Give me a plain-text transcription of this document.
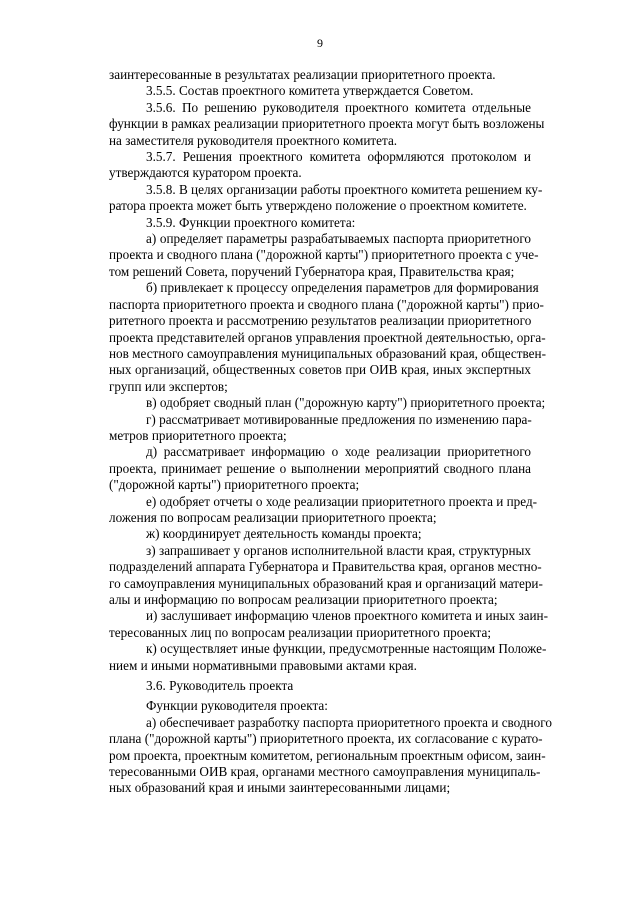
9
заинтересованные в результатах реализации приоритетного проекта.
3.5.5. Состав проектного комитета утверждается Советом.
3.5.6. По решению руководителя проектного комитета отдельные
функции в рамках реализации приоритетного проекта могут быть возложены
на заместителя руководителя проектного комитета.
3.5.7. Решения проектного комитета оформляются протоколом и
утверждаются куратором проекта.
3.5.8. В целях организации работы проектного комитета решением ку-
ратора проекта может быть утверждено положение о проектном комитете.
3.5.9. Функции проектного комитета:
а) определяет параметры разрабатываемых паспорта приоритетного
проекта и сводного плана ("дорожной карты") приоритетного проекта с уче-
том решений Совета, поручений Губернатора края, Правительства края;
б) привлекает к процессу определения параметров для формирования
паспорта приоритетного проекта и сводного плана ("дорожной карты") прио-
ритетного проекта и рассмотрению результатов реализации приоритетного
проекта представителей органов управления проектной деятельностью, орга-
нов местного самоуправления муниципальных образований края, обществен-
ных организаций, общественных советов при ОИВ края, иных экспертных
групп или экспертов;
в) одобряет сводный план ("дорожную карту") приоритетного проекта;
г) рассматривает мотивированные предложения по изменению пара-
метров приоритетного проекта;
д) рассматривает информацию о ходе реализации приоритетного
проекта, принимает решение о выполнении мероприятий сводного плана
("дорожной карты") приоритетного проекта;
е) одобряет отчеты о ходе реализации приоритетного проекта и пред-
ложения по вопросам реализации приоритетного проекта;
ж) координирует деятельность команды проекта;
з) запрашивает у органов исполнительной власти края, структурных
подразделений аппарата Губернатора и Правительства края, органов местно-
го самоуправления муниципальных образований края и организаций матери-
алы и информацию по вопросам реализации приоритетного проекта;
и) заслушивает информацию членов проектного комитета и иных заин-
тересованных лиц по вопросам реализации приоритетного проекта;
к) осуществляет иные функции, предусмотренные настоящим Положе-
нием и иными нормативными правовыми актами края.
3.6. Руководитель проекта
Функции руководителя проекта:
а) обеспечивает разработку паспорта приоритетного проекта и сводного
плана ("дорожной карты") приоритетного проекта, их согласование с курато-
ром проекта, проектным комитетом, региональным проектным офисом, заин-
тересованными ОИВ края, органами местного самоуправления муниципаль-
ных образований края и иными заинтересованными лицами;
